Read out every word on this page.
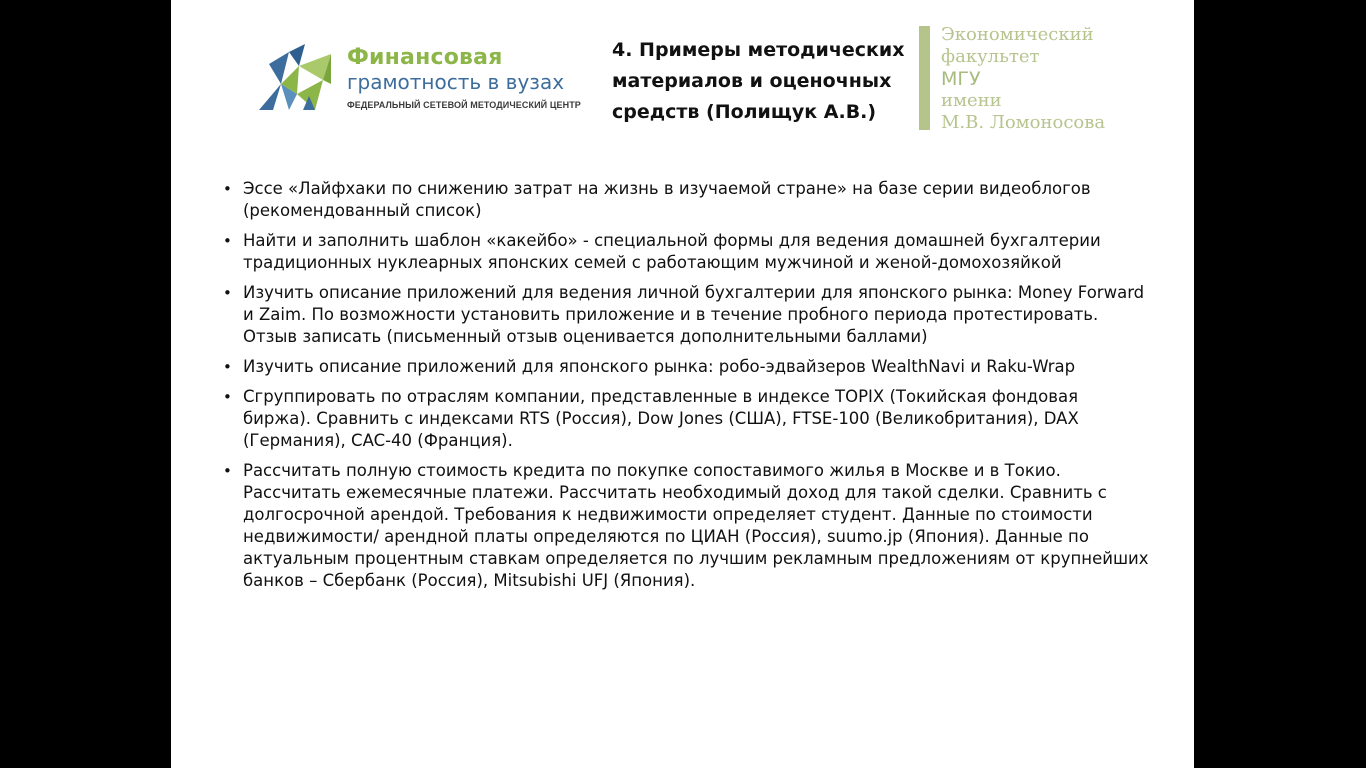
Финансовая
грамотность в вузах
ФЕДЕРАЛЬНЫЙ СЕТЕВОЙ МЕТОДИЧЕСКИЙ ЦЕНТР
4. Примеры методических материалов и оценочных средств (Полищук А.В.)
Экономический
факультет
МГУ
имени
М.В. Ломоносова
• Эссе «Лайфхаки по снижению затрат на жизнь в изучаемой стране» на базе серии видеоблогов (рекомендованный список)
• Найти и заполнить шаблон «какейбо» - специальной формы для ведения домашней бухгалтерии традиционных нуклеарных японских семей с работающим мужчиной и женой-домохозяйкой
• Изучить описание приложений для ведения личной бухгалтерии для японского рынка: Money Forward и Zaim. По возможности установить приложение и в течение пробного периода протестировать. Отзыв записать (письменный отзыв оценивается дополнительными баллами)
• Изучить описание приложений для японского рынка: робо-эдвайзеров WealthNavi и Raku-Wrap
• Сгруппировать по отраслям компании, представленные в индексе TOPIX (Токийская фондовая биржа). Сравнить с индексами RTS (Россия), Dow Jones (США), FTSE-100 (Великобритания), DAX (Германия), CAC-40 (Франция).
• Рассчитать полную стоимость кредита по покупке сопоставимого жилья в Москве и в Токио. Рассчитать ежемесячные платежи. Рассчитать необходимый доход для такой сделки. Сравнить с долгосрочной арендой. Требования к недвижимости определяет студент. Данные по стоимости недвижимости/ арендной платы определяются по ЦИАН (Россия), suumo.jp (Япония). Данные по актуальным процентным ставкам определяется по лучшим рекламным предложениям от крупнейших банков – Сбербанк (Россия), Mitsubishi UFJ (Япония).
